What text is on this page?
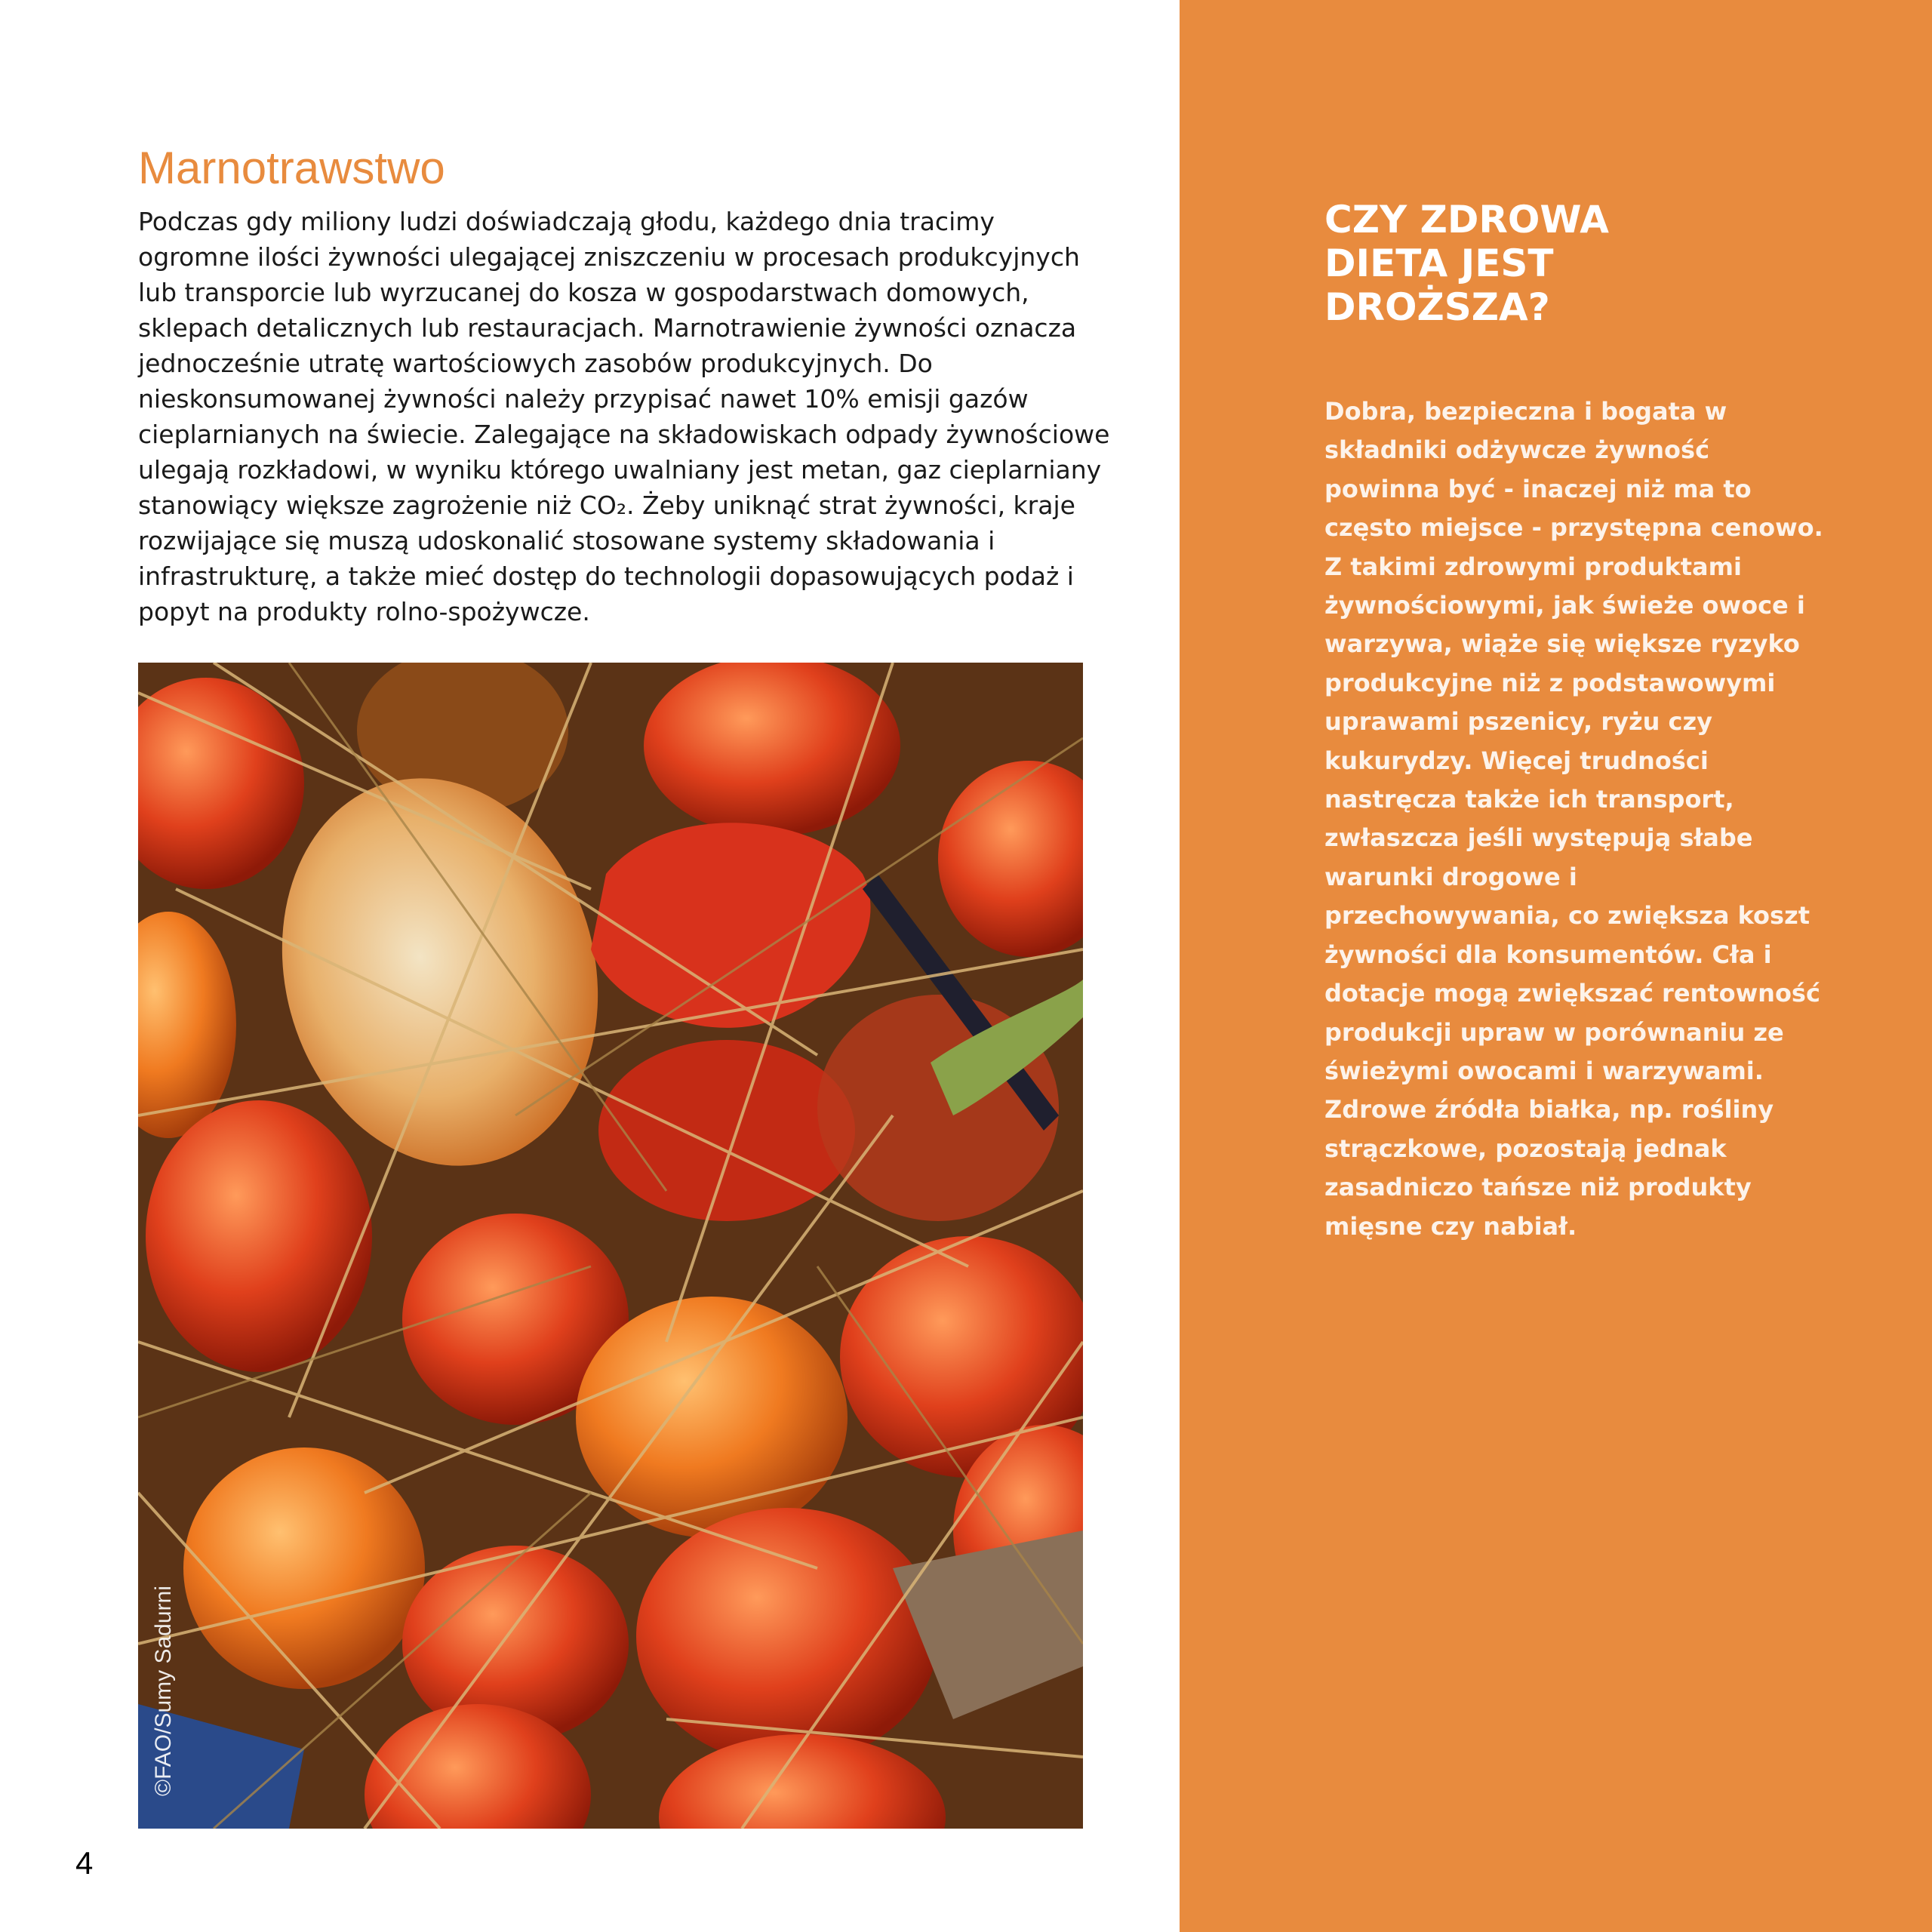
Marnotrawstwo
Podczas gdy miliony ludzi doświadczają głodu, każdego dnia tracimy
ogromne ilości żywności ulegającej zniszczeniu w procesach produkcyjnych
lub transporcie lub wyrzucanej do kosza w gospodarstwach domowych,
sklepach detalicznych lub restauracjach. Marnotrawienie żywności oznacza
jednocześnie utratę wartościowych zasobów produkcyjnych. Do
nieskonsumowanej żywności należy przypisać nawet 10% emisji gazów
cieplarnianych na świecie. Zalegające na składowiskach odpady żywnościowe
ulegają rozkładowi, w wyniku którego uwalniany jest metan, gaz cieplarniany
stanowiący większe zagrożenie niż CO₂. Żeby uniknąć strat żywności, kraje
rozwijające się muszą udoskonalić stosowane systemy składowania i
infrastrukturę, a także mieć dostęp do technologii dopasowujących podaż i
popyt na produkty rolno-spożywcze.
©FAO/Sumy Sadurni
4
CZY ZDROWA
DIETA JEST
DROŻSZA?
Dobra, bezpieczna i bogata w
składniki odżywcze żywność
powinna być - inaczej niż ma to
często miejsce - przystępna cenowo.
Z takimi zdrowymi produktami
żywnościowymi, jak świeże owoce i
warzywa, wiąże się większe ryzyko
produkcyjne niż z podstawowymi
uprawami pszenicy, ryżu czy
kukurydzy. Więcej trudności
nastręcza także ich transport,
zwłaszcza jeśli występują słabe
warunki drogowe i
przechowywania, co zwiększa koszt
żywności dla konsumentów. Cła i
dotacje mogą zwiększać rentowność
produkcji upraw w porównaniu ze
świeżymi owocami i warzywami.
Zdrowe źródła białka, np. rośliny
strączkowe, pozostają jednak
zasadniczo tańsze niż produkty
mięsne czy nabiał.
